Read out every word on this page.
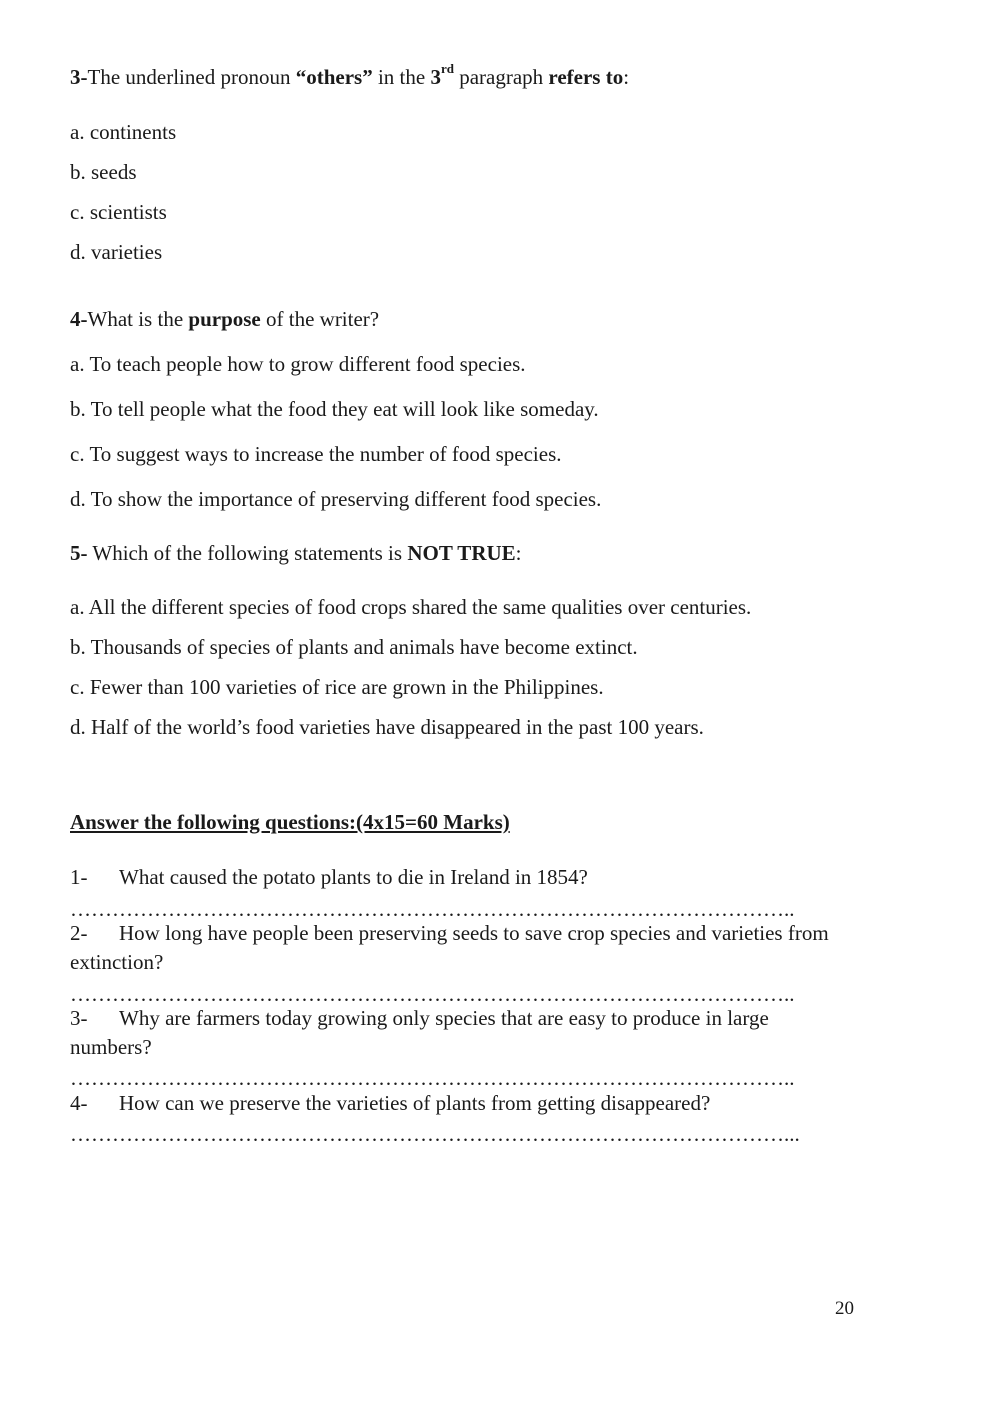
3-The underlined pronoun “others” in the 3rd paragraph refers to:
a. continents
b. seeds
c. scientists
d. varieties
4-What is the purpose of the writer?
a. To teach people how to grow different food species.
b. To tell people what the food they eat will look like someday.
c. To suggest ways to increase the number of food species.
d. To show the importance of preserving different food species.
5- Which of the following statements is NOT TRUE:
a. All the different species of food crops shared the same qualities over centuries.
b. Thousands of species of plants and animals have become extinct.
c. Fewer than 100 varieties of rice are grown in the Philippines.
d. Half of the world’s food varieties have disappeared in the past 100 years.
Answer the following questions:(4x15=60 Marks)
1- What caused the potato plants to die in Ireland in 1854?
…………………………………………………………………………………………..
2- How long have people been preserving seeds to save crop species and varieties from
extinction?
…………………………………………………………………………………………..
3- Why are farmers today growing only species that are easy to produce in large
numbers?
…………………………………………………………………………………………..
4- How can we preserve the varieties of plants from getting disappeared?
…………………………………………………………………………………………...
20
